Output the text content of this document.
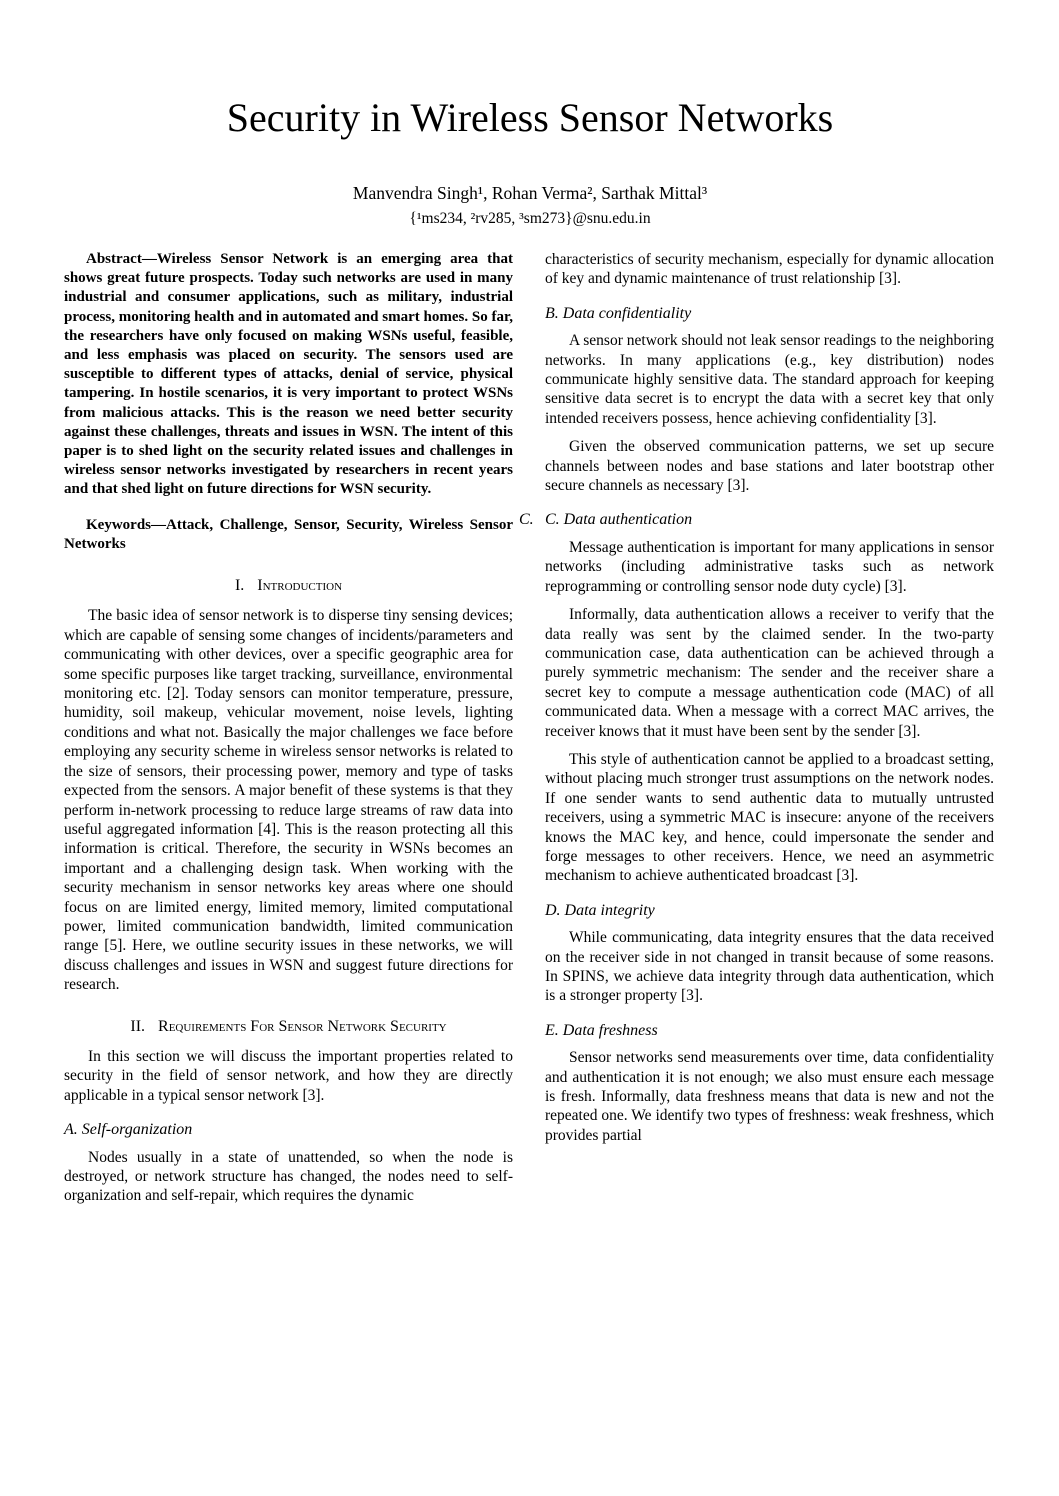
Security in Wireless Sensor Networks
Manvendra Singh¹, Rohan Verma², Sarthak Mittal³
{¹ms234, ²rv285, ³sm273}@snu.edu.in

Abstract—Wireless Sensor Network is an emerging area that shows great future prospects. Today such networks are used in many industrial and consumer applications, such as military, industrial process, monitoring health and in automated and smart homes. So far, the researchers have only focused on making WSNs useful, feasible, and less emphasis was placed on security. The sensors used are susceptible to different types of attacks, denial of service, physical tampering. In hostile scenarios, it is very important to protect WSNs from malicious attacks. This is the reason we need better security against these challenges, threats and issues in WSN. The intent of this paper is to shed light on the security related issues and challenges in wireless sensor networks investigated by researchers in recent years and that shed light on future directions for WSN security.

Keywords—Attack, Challenge, Sensor, Security, Wireless Sensor Networks

I. Introduction

The basic idea of sensor network is to disperse tiny sensing devices; which are capable of sensing some changes of incidents/parameters and communicating with other devices, over a specific geographic area for some specific purposes like target tracking, surveillance, environmental monitoring etc. [2]. Today sensors can monitor temperature, pressure, humidity, soil makeup, vehicular movement, noise levels, lighting conditions and what not. Basically the major challenges we face before employing any security scheme in wireless sensor networks is related to the size of sensors, their processing power, memory and type of tasks expected from the sensors. A major benefit of these systems is that they perform in-network processing to reduce large streams of raw data into useful aggregated information [4]. This is the reason protecting all this information is critical. Therefore, the security in WSNs becomes an important and a challenging design task. When working with the security mechanism in sensor networks key areas where one should focus on are limited energy, limited memory, limited computational power, limited communication bandwidth, limited communication range [5]. Here, we outline security issues in these networks, we will discuss challenges and issues in WSN and suggest future directions for research.

II. Requirements For Sensor Network Security

In this section we will discuss the important properties related to security in the field of sensor network, and how they are directly applicable in a typical sensor network [3].

A. Self-organization

Nodes usually in a state of unattended, so when the node is destroyed, or network structure has changed, the nodes need to self-organization and self-repair, which requires the dynamic

characteristics of security mechanism, especially for dynamic allocation of key and dynamic maintenance of trust relationship [3].

B. Data confidentiality

A sensor network should not leak sensor readings to the neighboring networks. In many applications (e.g., key distribution) nodes communicate highly sensitive data. The standard approach for keeping sensitive data secret is to encrypt the data with a secret key that only intended receivers possess, hence achieving confidentiality [3].

Given the observed communication patterns, we set up secure channels between nodes and base stations and later bootstrap other secure channels as necessary [3].

C. C. Data authentication

Message authentication is important for many applications in sensor networks (including administrative tasks such as network reprogramming or controlling sensor node duty cycle) [3].

Informally, data authentication allows a receiver to verify that the data really was sent by the claimed sender. In the two-party communication case, data authentication can be achieved through a purely symmetric mechanism: The sender and the receiver share a secret key to compute a message authentication code (MAC) of all communicated data. When a message with a correct MAC arrives, the receiver knows that it must have been sent by the sender [3].

This style of authentication cannot be applied to a broadcast setting, without placing much stronger trust assumptions on the network nodes. If one sender wants to send authentic data to mutually untrusted receivers, using a symmetric MAC is insecure: anyone of the receivers knows the MAC key, and hence, could impersonate the sender and forge messages to other receivers. Hence, we need an asymmetric mechanism to achieve authenticated broadcast [3].

D. Data integrity

While communicating, data integrity ensures that the data received on the receiver side in not changed in transit because of some reasons. In SPINS, we achieve data integrity through data authentication, which is a stronger property [3].

E. Data freshness

Sensor networks send measurements over time, data confidentiality and authentication it is not enough; we also must ensure each message is fresh. Informally, data freshness means that data is new and not the repeated one. We identify two types of freshness: weak freshness, which provides partial
